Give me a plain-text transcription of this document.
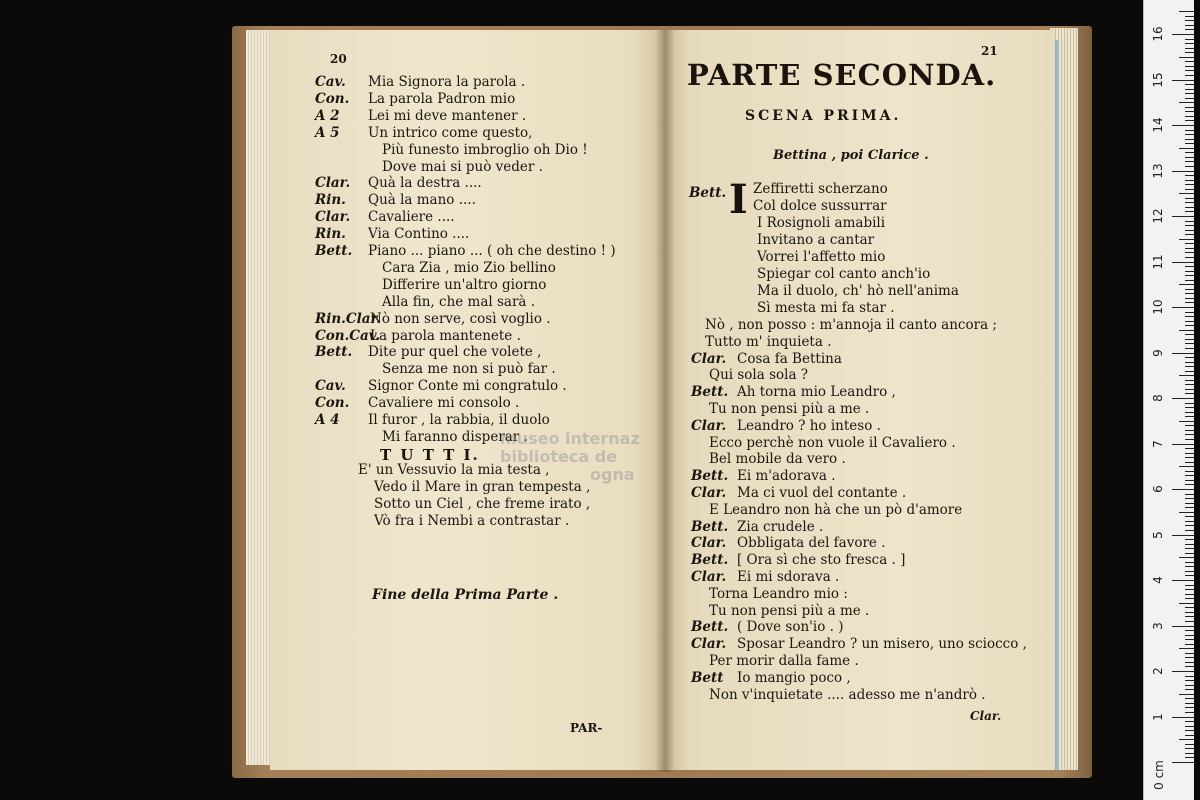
20
Cav. Mia Signora la parola .
Con. La parola Padron mio
A 2 Lei mi deve mantener .
A 5 Un intrico come questo,
Più funesto imbroglio oh Dio !
Dove mai si può veder .
Clar. Quà la destra ....
Rin. Quà la mano ....
Clar. Cavaliere ....
Rin. Via Contino ....
Bett. Piano ... piano ... ( oh che destino ! )
Cara Zia , mio Zio bellino
Differire un'altro giorno
Alla fin, che mal sarà .
Rin.Clar.
Nò non serve, così voglio .
Con.Cav.
La parola mantenete .
Bett. Dite pur quel che volete ,
Senza me non si può far .
Cav. Signor Conte mi congratulo .
Con. Cavaliere mi consolo .
A 4 Il furor , la rabbia, il duolo
Mi faranno disperar .
T U T T I.
E' un Vessuvio la mia testa ,
Vedo il Mare in gran tempesta ,
Sotto un Ciel , che freme irato ,
Vò fra i Nembi a contrastar .
Fine della Prima Parte .
PAR-
21
PARTE SECONDA.
SCENA PRIMA.
Bettina , poi Clarice .
Bett. I Zeffiretti scherzano
Col dolce sussurrar
I Rosignoli amabili
Invitano a cantar
Vorrei l'affetto mio
Spiegar col canto anch'io
Ma il duolo, ch' hò nell'anima
Sì mesta mi fa star .
Nò , non posso : m'annoja il canto ancora ;
Tutto m' inquieta .
Clar. Cosa fa Bettina
Qui sola sola ?
Bett. Ah torna mio Leandro ,
Tu non pensi più a me .
Clar. Leandro ? ho inteso .
Ecco perchè non vuole il Cavaliero .
Bel mobile da vero .
Bett. Ei m'adorava .
Clar. Ma ci vuol del contante .
E Leandro non hà che un pò d'amore
Bett. Zia crudele .
Clar. Obbligata del favore .
Bett. [ Ora sì che sto fresca . ]
Clar. Ei mi sdorava .
Torna Leandro mio :
Tu non pensi più a me .
Bett. ( Dove son'io . )
Clar. Sposar Leandro ? un misero, uno sciocco ,
Per morir dalla fame .
Bett Io mangio poco ,
Non v'inquietate .... adesso me n'andrò .
Clar.
museo internaz
biblioteca de
ogna
0 cm
1
2
3
4
5
6
7
8
9
10
11
12
13
14
15
16
